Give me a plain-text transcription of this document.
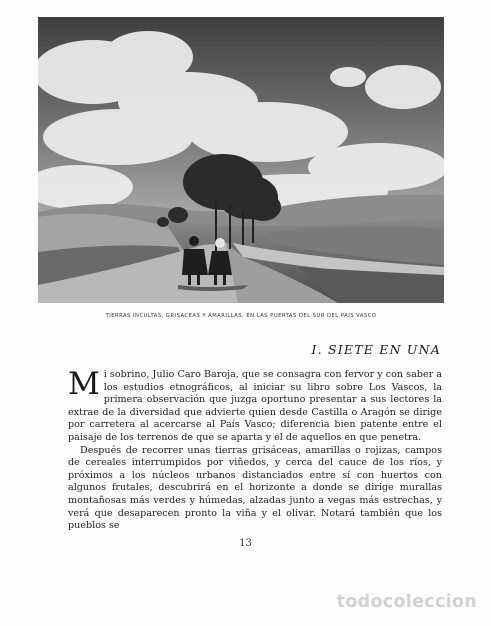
TIERRAS INCULTAS, GRISÁCEAS Y AMARILLAS, EN LAS PUERTAS DEL SUR DEL PAÍS VASCO
I. SIETE EN UNA

Mi sobrino, Julio Caro Baroja, que se consagra con fervor y con saber a los estudios etnográficos, al iniciar su libro sobre Los Vascos, la primera observación que juzga oportuno presentar a sus lectores la extrae de la diversidad que advierte quien desde Castilla o Aragón se dirige por carretera al acercarse al País Vasco; diferencia bien patente entre el paisaje de los terrenos de que se aparta y el de aquellos en que penetra.

Después de recorrer unas tierras grisáceas, amarillas o rojizas, campos de cereales interrumpidos por viñedos, y cerca del cauce de los ríos, y próximos a los núcleos urbanos distanciados entre sí con huertos con algunos frutales, descubrirá en el horizonte a donde se dirige murallas montañosas más verdes y húmedas, alzadas junto a vegas más estrechas, y verá que desaparecen pronto la viña y el olivar. Notará también que los pueblos se

13
todocoleccion
